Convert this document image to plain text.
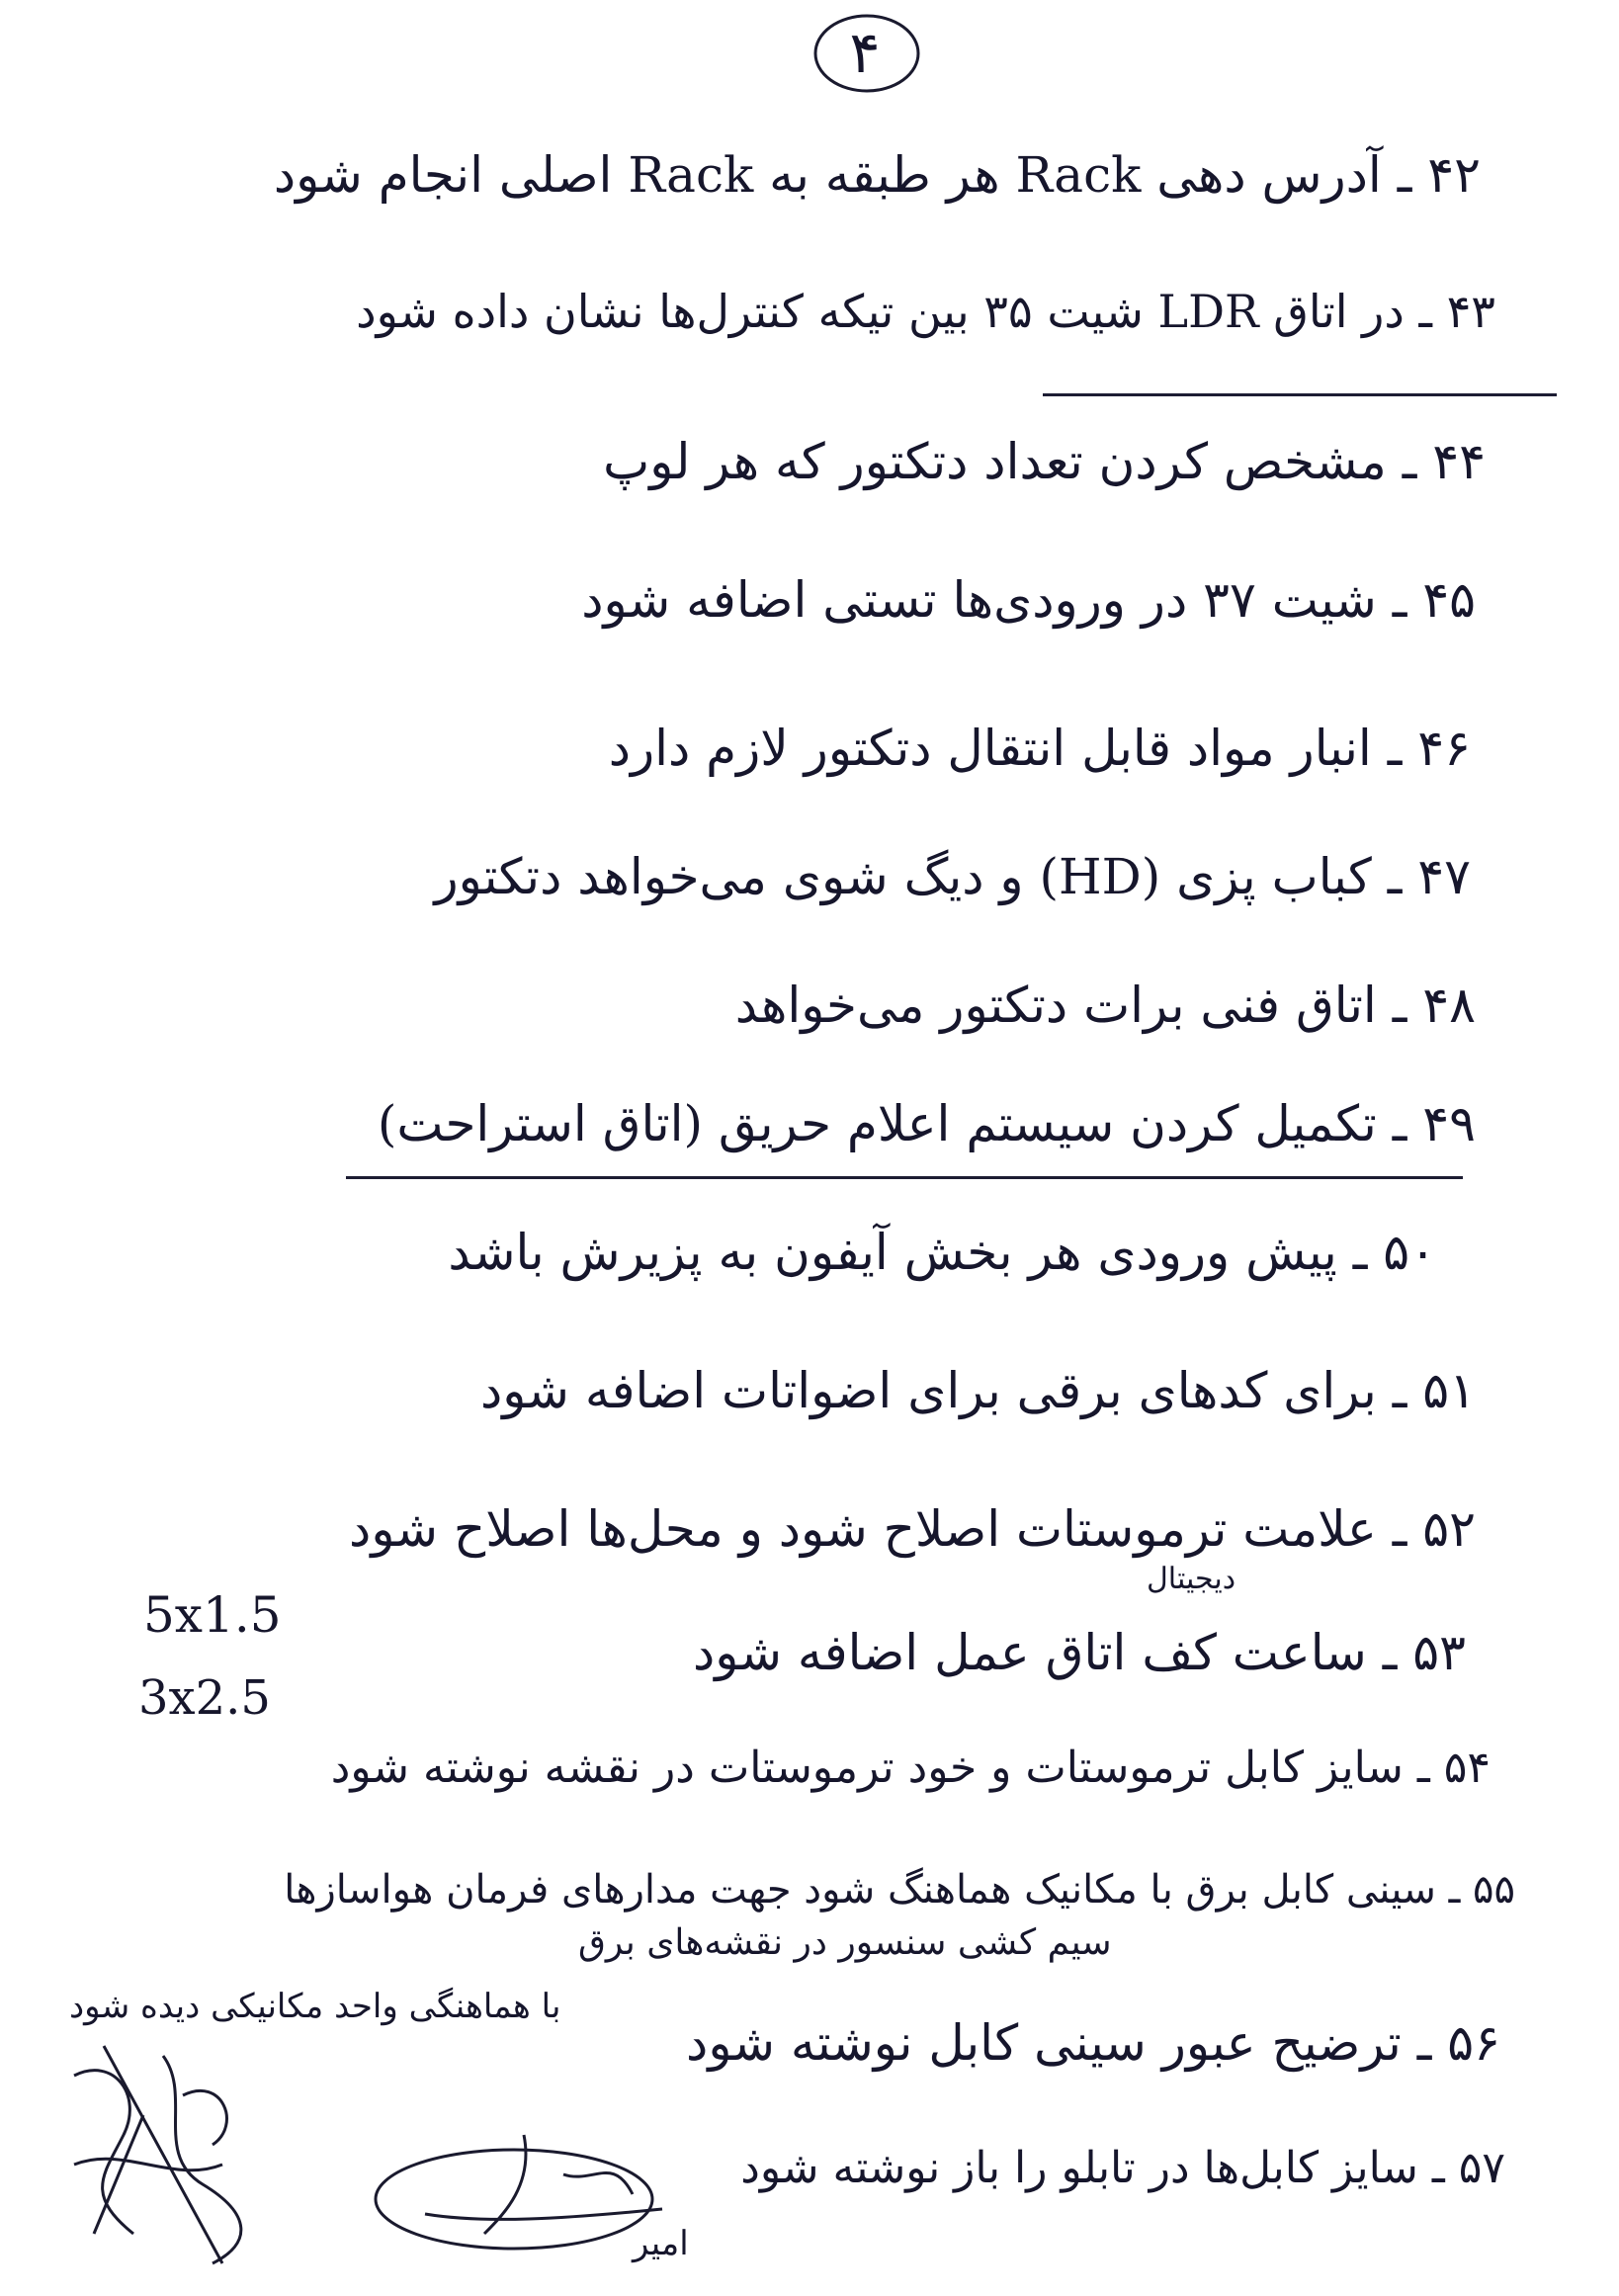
۴
۴۲ ـ آدرس دهی Rack هر طبقه به Rack اصلی انجام شود
۴۳ ـ در اتاق LDR شیت ۳۵ بین تیکه کنترل‌ها نشان داده شود
۴۴ ـ مشخص کردن تعداد دتکتور که هر لوپ
۴۵ ـ شیت ۳۷ در ورودی‌ها تستی اضافه شود
۴۶ ـ انبار مواد قابل انتقال دتکتور لازم دارد
۴۷ ـ کباب پزی (HD) و دیگ شوی می‌خواهد دتکتور
۴۸ ـ اتاق فنی برات دتکتور می‌خواهد
۴۹ ـ تکمیل کردن سیستم اعلام حریق (اتاق استراحت)
۵۰ ـ پیش ورودی هر بخش آیفون به پزیرش باشد
۵۱ ـ برای کدهای برقی برای اضواتات اضافه شود
۵۲ ـ علامت ترموستات اصلاح شود و محل‌ها اصلاح شود
دیجیتال
5x1.5
۵۳ ـ ساعت کف اتاق عمل اضافه شود
3x2.5
۵۴ ـ سایز کابل ترموستات و خود ترموستات در نقشه نوشته شود
۵۵ ـ سینی کابل برق با مکانیک هماهنگ شود جهت مدارهای فرمان هواسازها
سیم کشی سنسور در نقشه‌های برق
با هماهنگی واحد مکانیکی دیده شود
۵۶ ـ ترضیح عبور سینی کابل نوشته شود
۵۷ ـ سایز کابل‌ها در تابلو را باز نوشته شود
امیر
